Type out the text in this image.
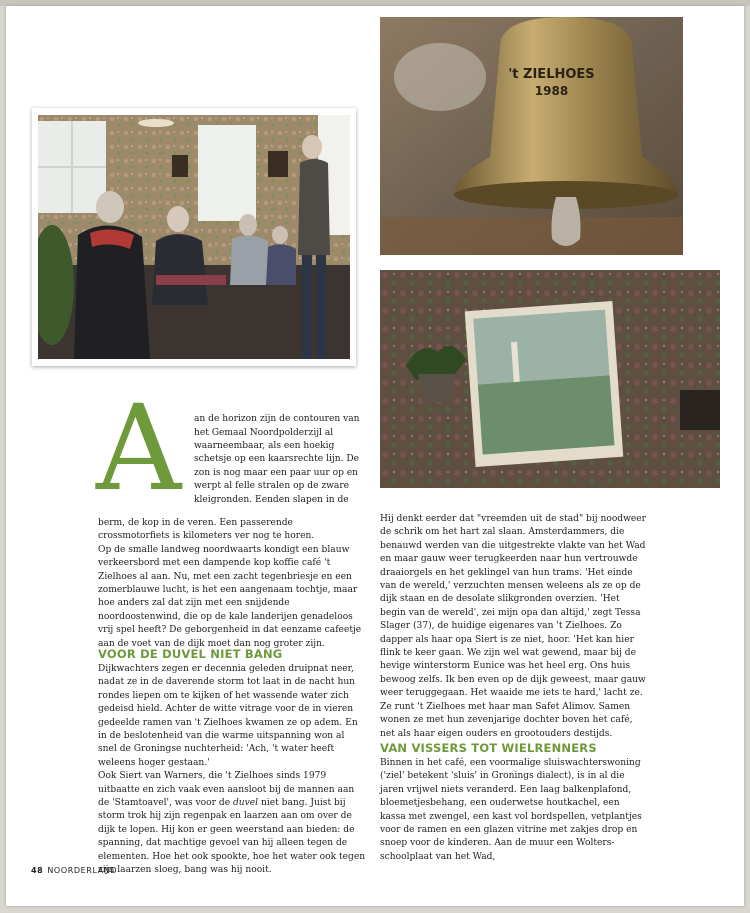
't ZIELHOES
1988
A	an de horizon zijn de contouren van het Gemaal Noordpolderzijl al waarneembaar, als een hoekig schetsje op een kaarsrechte lijn. De zon is nog maar een paar uur op en werpt al felle stralen op de zware kleigronden. Eenden slapen in de

berm, de kop in de veren. Een passerende crossmotorfiets is kilometers ver nog te horen.

Op de smalle landweg noordwaarts kondigt een blauw verkeersbord met een dampende kop koffie café 't Zielhoes al aan. Nu, met een zacht tegenbriesje en een zomerblauwe lucht, is het een aangenaam tochtje, maar hoe anders zal dat zijn met een snijdende noordoostenwind, die op de kale landerijen genadeloos vrij spel heeft? De geborgenheid in dat eenzame cafeetje aan de voet van de dijk moet dan nog groter zijn.

VOOR DE DUVEL NIET BANG

Dijkwachters zegen er decennia geleden druipnat neer, nadat ze in de daverende storm tot laat in de nacht hun rondes liepen om te kijken of het wassende water zich gedeisd hield. Achter de witte vitrage voor de in vieren gedeelde ramen van 't Zielhoes kwamen ze op adem. En in de beslotenheid van die warme uitspanning won al snel de Groningse nuchterheid: 'Ach, 't water heeft weleens hoger gestaan.'

Ook Siert van Warners, die 't Zielhoes sinds 1979 uitbaatte en zich vaak even aansloot bij de mannen aan de 'Stamtoavel', was voor de duvel niet bang. Juist bij storm trok hij zijn regenpak en laarzen aan om over de dijk te lopen. Hij kon er geen weerstand aan bieden: de spanning, dat machtige gevoel van hij alleen tegen de elementen. Hoe het ook spookte, hoe het water ook tegen zijn laarzen sloeg, bang was hij nooit.

Hij denkt eerder dat "vreemden uit de stad" bij noodweer de schrik om het hart zal slaan. Amsterdammers, die benauwd werden van die uitgestrekte vlakte van het Wad en maar gauw weer terugkeerden naar hun vertrouwde draaiorgels en het geklingel van hun trams. 'Het einde van de wereld,' verzuchten mensen weleens als ze op de dijk staan en de desolate slikgronden overzien. 'Het begin van de wereld', zei mijn opa dan altijd,' zegt Tessa Slager (37), de huidige eigenares van 't Zielhoes. Zo dapper als haar opa Siert is ze niet, hoor. 'Het kan hier flink te keer gaan. We zijn wel wat gewend, maar bij de hevige winterstorm Eunice was het heel erg. Ons huis bewoog zelfs. Ik ben even op de dijk geweest, maar gauw weer teruggegaan. Het waaide me iets te hard,' lacht ze. Ze runt 't Zielhoes met haar man Safet Alimov. Samen wonen ze met hun zevenjarige dochter boven het café, net als haar eigen ouders en grootouders destijds.

VAN VISSERS TOT WIELRENNERS

Binnen in het café, een voormalige sluiswachterswoning ('ziel' betekent 'sluis' in Gronings dialect), is in al die jaren vrijwel niets veranderd. Een laag balkenplafond, bloemetjesbehang, een ouderwetse houtkachel, een kassa met zwengel, een kast vol bordspellen, vetplantjes voor de ramen en een glazen vitrine met zakjes drop en snoep voor de kinderen. Aan de muur een Wolters-schoolplaat van het Wad,

48 NOORDERLAND
